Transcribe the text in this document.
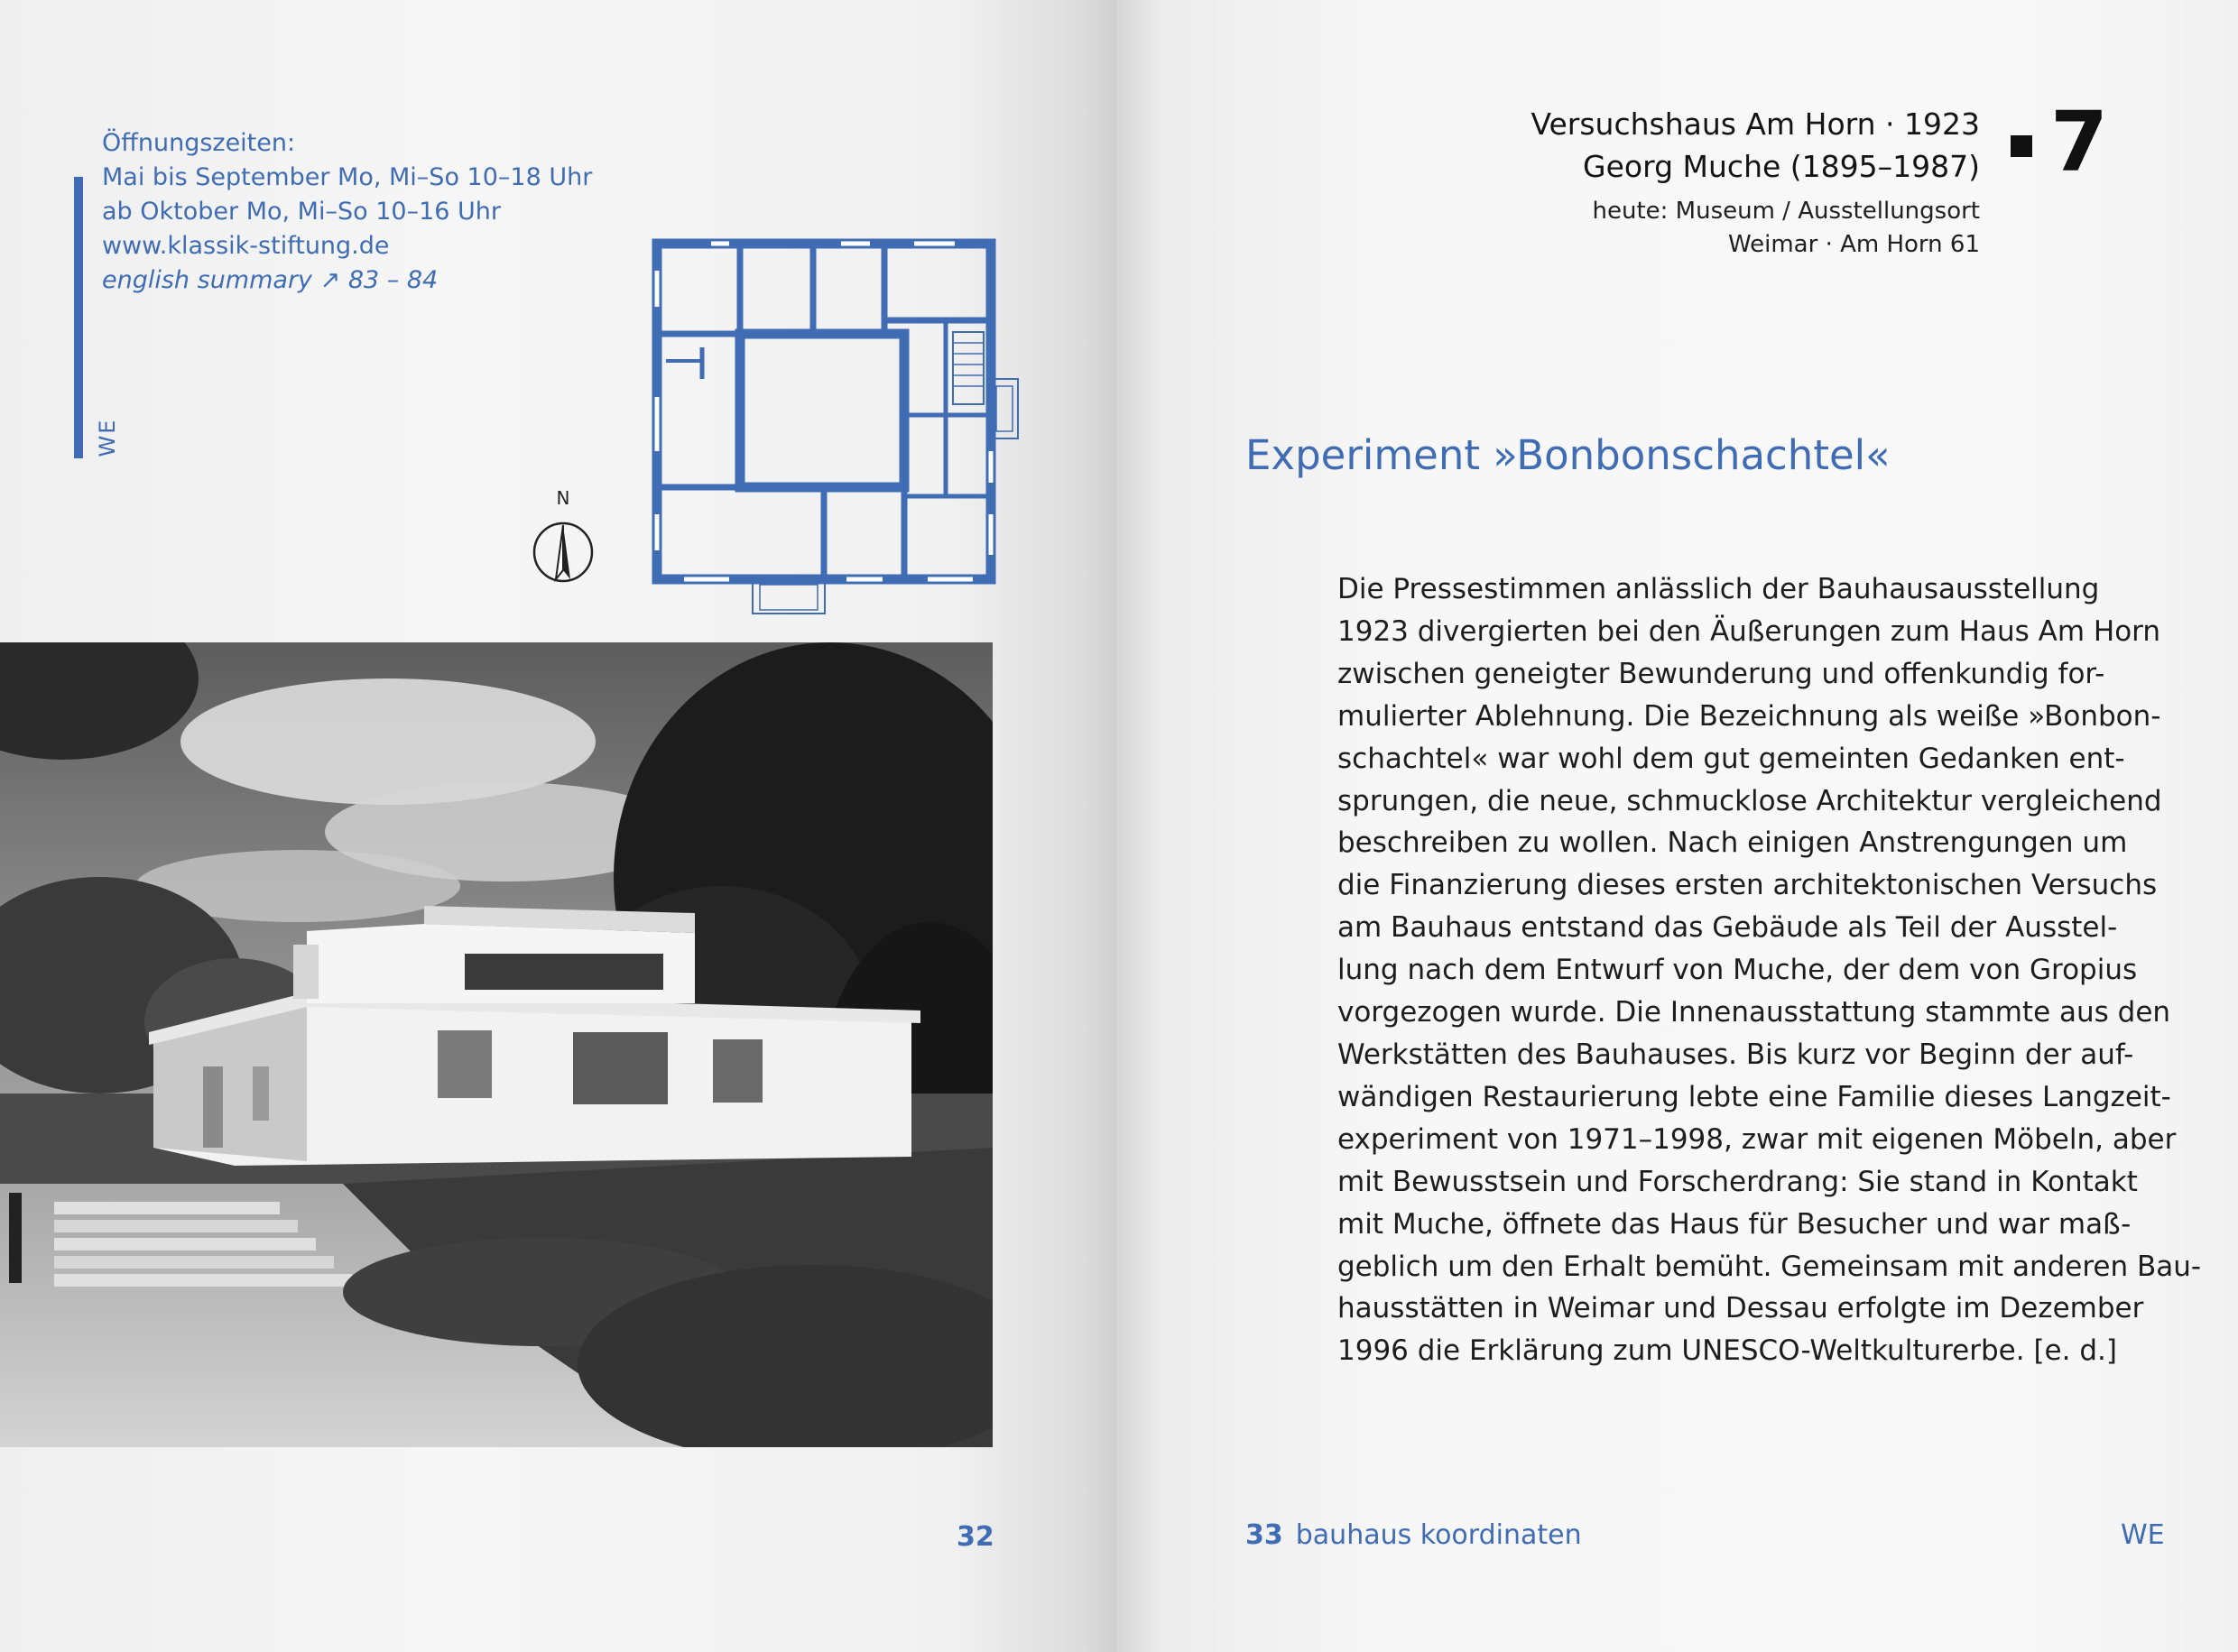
WE
Öffnungszeiten:
Mai bis September Mo, Mi–So 10–18 Uhr
ab Oktober Mo, Mi–So 10–16 Uhr
www.klassik-stiftung.de
english summary ↗ 83 – 84
N
32
Versuchshaus Am Horn · 1923
Georg Muche (1895–1987)
heute: Museum / Ausstellungsort
Weimar · Am Horn 61
7
Experiment »Bonbonschachtel«
Die Pressestimmen anlässlich der Bauhausausstellung
1923 divergierten bei den Äußerungen zum Haus Am Horn
zwischen geneigter Bewunderung und offenkundig for-
mulierter Ablehnung. Die Bezeichnung als weiße »Bonbon-
schachtel« war wohl dem gut gemeinten Gedanken ent-
sprungen, die neue, schmucklose Architektur vergleichend
beschreiben zu wollen. Nach einigen Anstrengungen um
die Finanzierung dieses ersten architektonischen Versuchs
am Bauhaus entstand das Gebäude als Teil der Ausstel-
lung nach dem Entwurf von Muche, der dem von Gropius
vorgezogen wurde. Die Innenausstattung stammte aus den
Werkstätten des Bauhauses. Bis kurz vor Beginn der auf-
wändigen Restaurierung lebte eine Familie dieses Langzeit-
experiment von 1971–1998, zwar mit eigenen Möbeln, aber
mit Bewusstsein und Forscherdrang: Sie stand in Kontakt
mit Muche, öffnete das Haus für Besucher und war maß-
geblich um den Erhalt bemüht. Gemeinsam mit anderen Bau-
hausstätten in Weimar und Dessau erfolgte im Dezember
1996 die Erklärung zum UNESCO-Weltkulturerbe. [e. d.]
33 bauhaus koordinaten	WE
